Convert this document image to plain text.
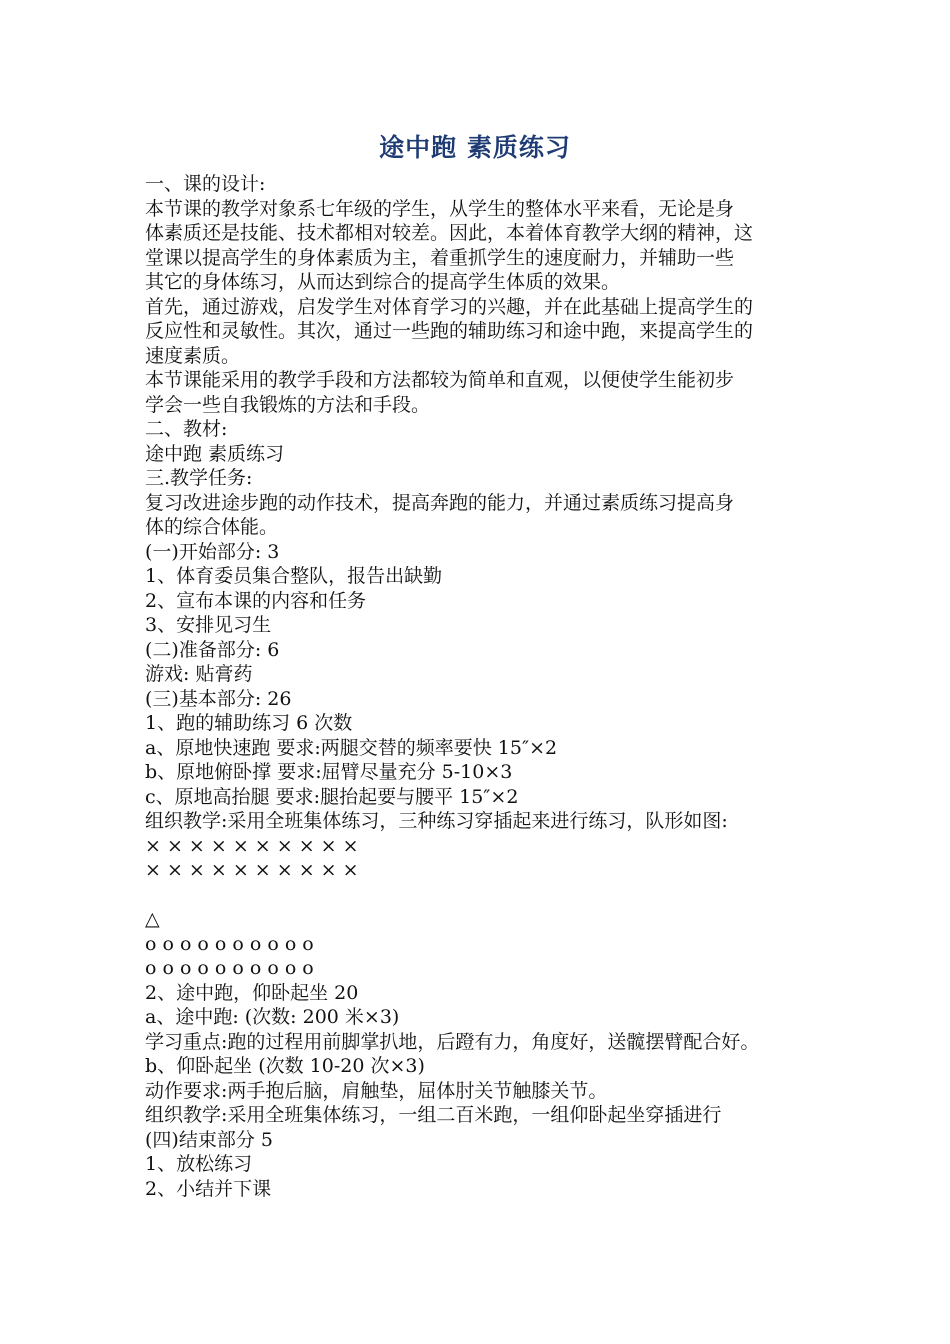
途中跑 素质练习
一、课的设计:
本节课的教学对象系七年级的学生，从学生的整体水平来看，无论是身
体素质还是技能、技术都相对较差。因此，本着体育教学大纲的精神，这
堂课以提高学生的身体素质为主，着重抓学生的速度耐力，并辅助一些
其它的身体练习，从而达到综合的提高学生体质的效果。
首先，通过游戏，启发学生对体育学习的兴趣，并在此基础上提高学生的
反应性和灵敏性。其次，通过一些跑的辅助练习和途中跑，来提高学生的
速度素质。
本节课能采用的教学手段和方法都较为简单和直观，以便使学生能初步
学会一些自我锻炼的方法和手段。
二、教材:
途中跑 素质练习
三.教学任务:
复习改进途步跑的动作技术，提高奔跑的能力，并通过素质练习提高身
体的综合体能。
(一)开始部分: 3
1、体育委员集合整队，报告出缺勤
2、宣布本课的内容和任务
3、安排见习生
(二)准备部分: 6
游戏: 贴膏药
(三)基本部分: 26
1、跑的辅助练习 6 次数
a、原地快速跑 要求:两腿交替的频率要快 15″×2
b、原地俯卧撑 要求:屈臂尽量充分 5-10×3
c、原地高抬腿 要求:腿抬起要与腰平 15″×2
组织教学:采用全班集体练习，三种练习穿插起来进行练习，队形如图:
× × × × × × × × × ×
× × × × × × × × × ×
△
o o o o o o o o o o
o o o o o o o o o o
2、途中跑，仰卧起坐 20
a、途中跑: (次数: 200 米×3)
学习重点:跑的过程用前脚掌扒地，后蹬有力，角度好，送髋摆臂配合好。
b、仰卧起坐 (次数 10-20 次×3)
动作要求:两手抱后脑，肩触垫，屈体肘关节触膝关节。
组织教学:采用全班集体练习，一组二百米跑，一组仰卧起坐穿插进行
(四)结束部分 5
1、放松练习
2、小结并下课
